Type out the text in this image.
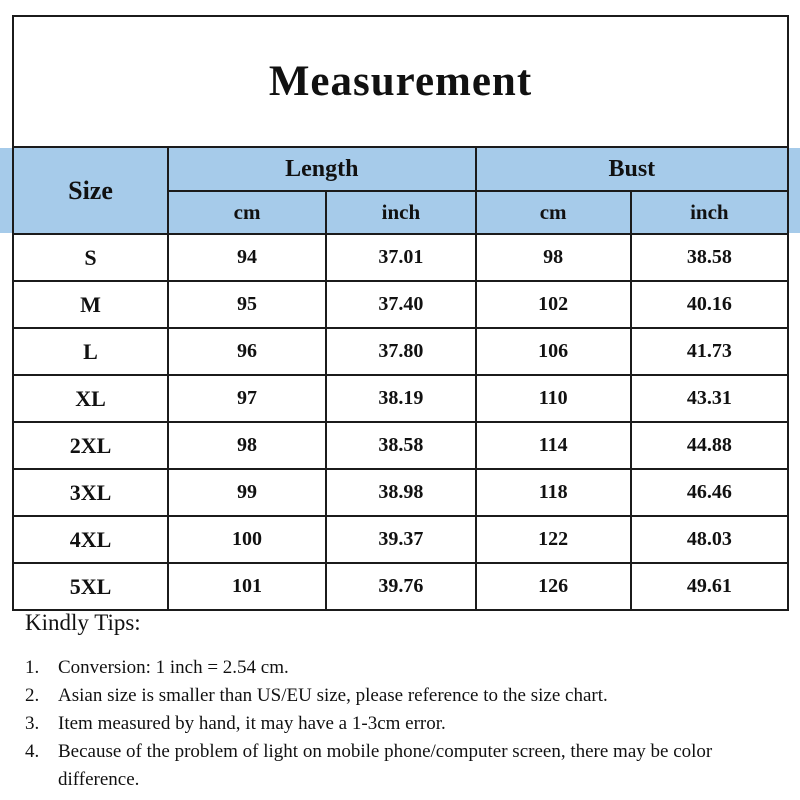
Measurement
Size	Length		Bust	
	cm	inch	cm	inch
S	94	37.01	98	38.58
M	95	37.40	102	40.16
L	96	37.80	106	41.73
XL	97	38.19	110	43.31
2XL	98	38.58	114	44.88
3XL	99	38.98	118	46.46
4XL	100	39.37	122	48.03
5XL	101	39.76	126	49.61

Kindly Tips:

1. Conversion: 1 inch = 2.54 cm.
2. Asian size is smaller than US/EU size, please reference to the size chart.
3. Item measured by hand, it may have a 1-3cm error.
4. Because of the problem of light on mobile phone/computer screen, there may be color difference.
